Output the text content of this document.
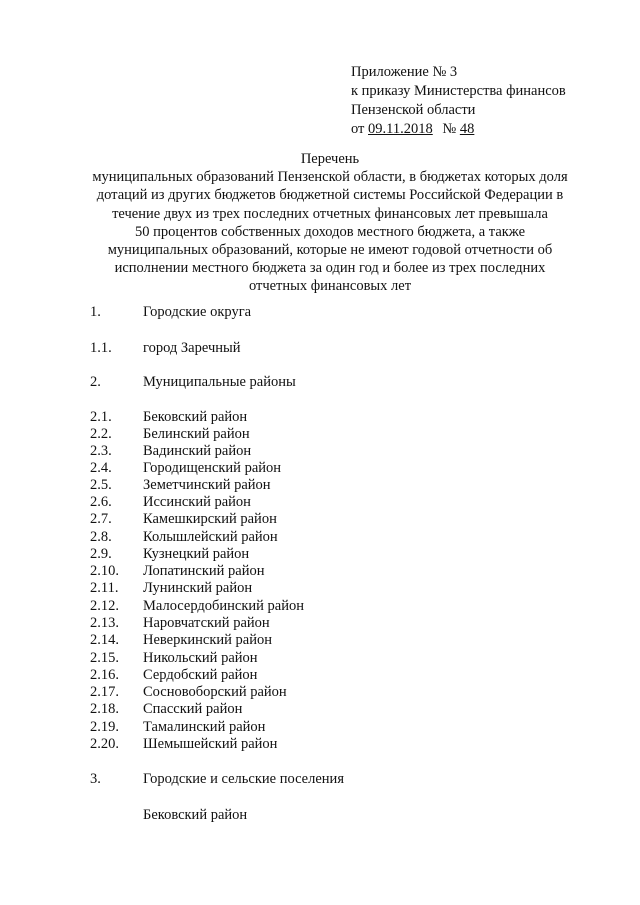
Приложение № 3
к приказу Министерства финансов
Пензенской области
от 09.11.2018 № 48
Перечень
муниципальных образований Пензенской области, в бюджетах которых доля
дотаций из других бюджетов бюджетной системы Российской Федерации в
течение двух из трех последних отчетных финансовых лет превышала
50 процентов собственных доходов местного бюджета, а также
муниципальных образований, которые не имеют годовой отчетности об
исполнении местного бюджета за один год и более из трех последних
отчетных финансовых лет
1.	Городские округа
1.1. город Заречный
2.	Муниципальные районы
2.1. Бековский район
2.2. Белинский район
2.3. Вадинский район
2.4. Городищенский район
2.5. Земетчинский район
2.6. Иссинский район
2.7. Камешкирский район
2.8. Колышлейский район
2.9. Кузнецкий район
2.10. Лопатинский район
2.11. Лунинский район
2.12. Малосердобинский район
2.13. Наровчатский район
2.14. Неверкинский район
2.15. Никольский район
2.16. Сердобский район
2.17. Сосновоборский район
2.18. Спасский район
2.19. Тамалинский район
2.20. Шемышейский район
3.	Городские и сельские поселения
Бековский район
